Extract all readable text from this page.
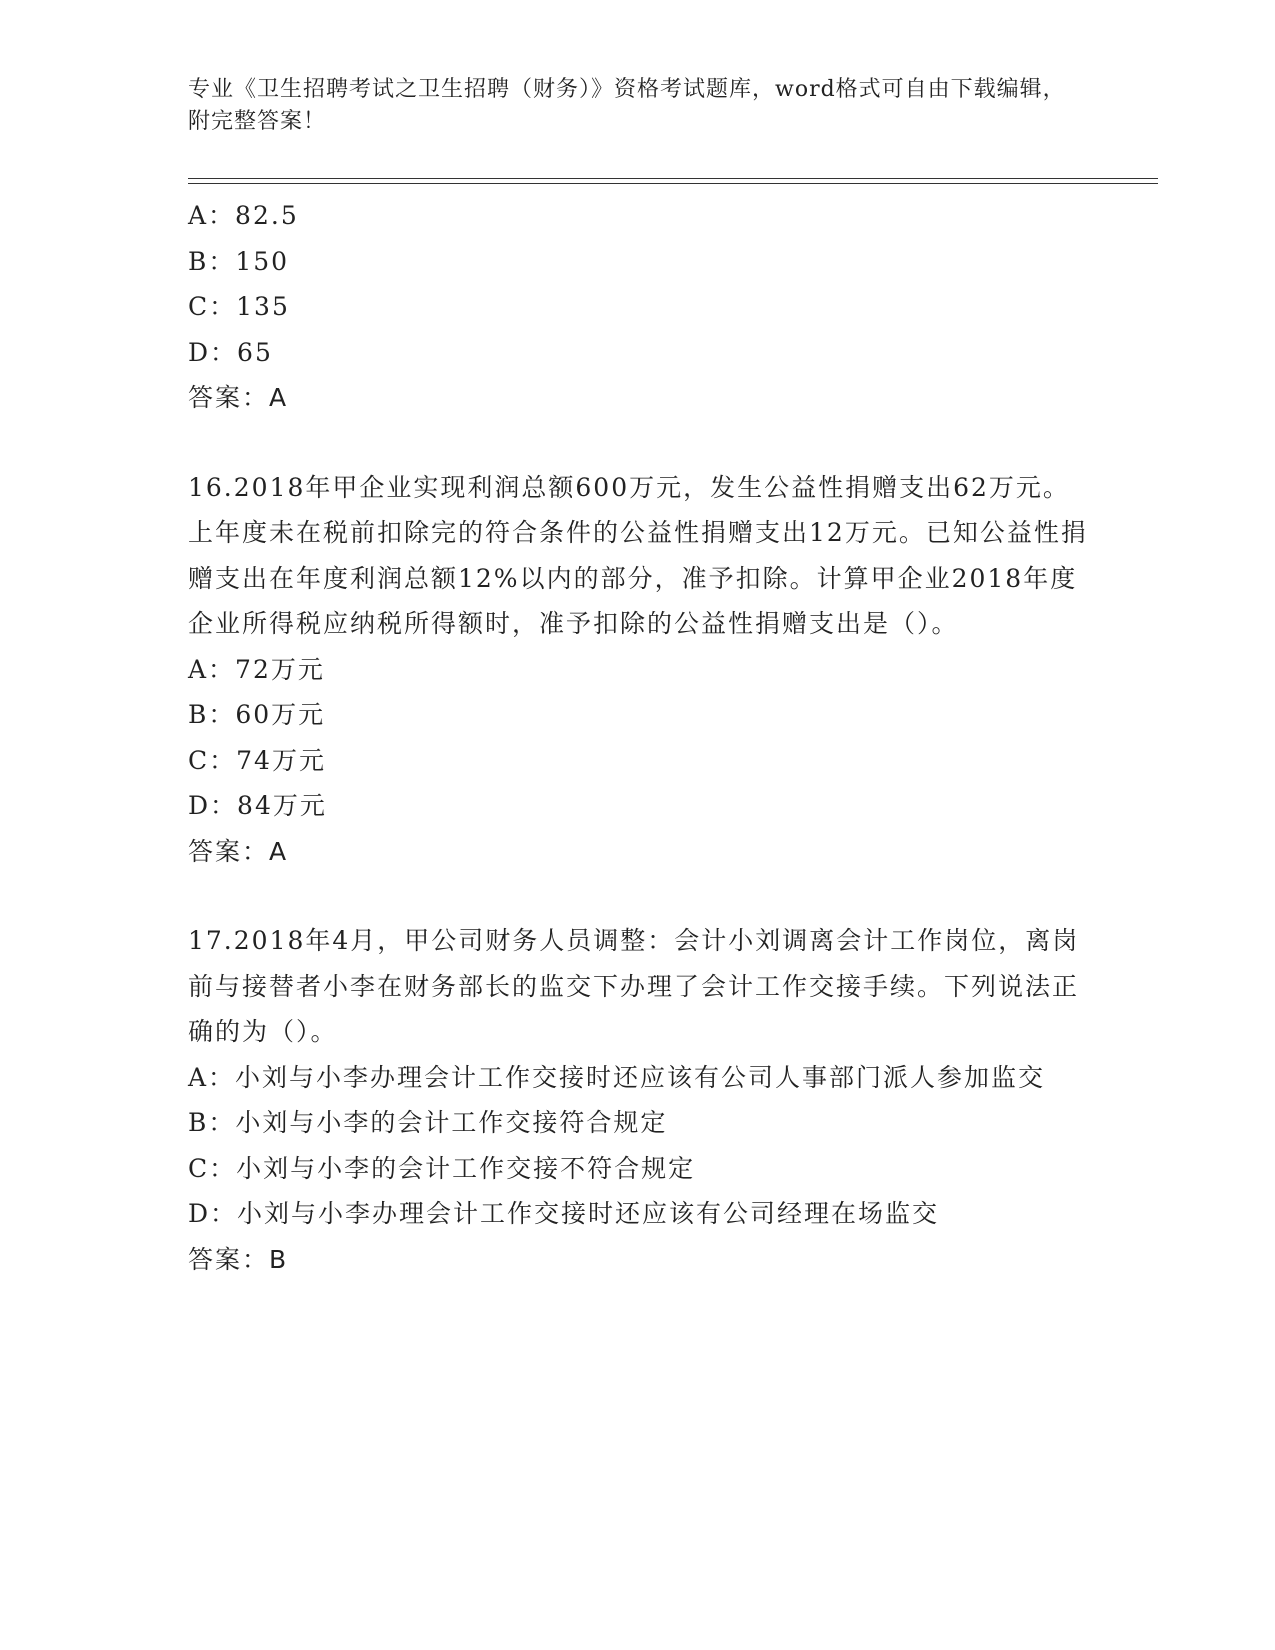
专业《卫生招聘考试之卫生招聘（财务）》资格考试题库，word格式可自由下载编辑，附完整答案！
A：82.5
B：150
C：135
D：65
答案：A
16.2018年甲企业实现利润总额600万元，发生公益性捐赠支出62万元。上年度未在税前扣除完的符合条件的公益性捐赠支出12万元。已知公益性捐赠支出在年度利润总额12%以内的部分，准予扣除。计算甲企业2018年度企业所得税应纳税所得额时，准予扣除的公益性捐赠支出是（）。
A：72万元
B：60万元
C：74万元
D：84万元
答案：A
17.2018年4月，甲公司财务人员调整：会计小刘调离会计工作岗位，离岗前与接替者小李在财务部长的监交下办理了会计工作交接手续。下列说法正确的为（）。
A：小刘与小李办理会计工作交接时还应该有公司人事部门派人参加监交
B：小刘与小李的会计工作交接符合规定
C：小刘与小李的会计工作交接不符合规定
D：小刘与小李办理会计工作交接时还应该有公司经理在场监交
答案：B
